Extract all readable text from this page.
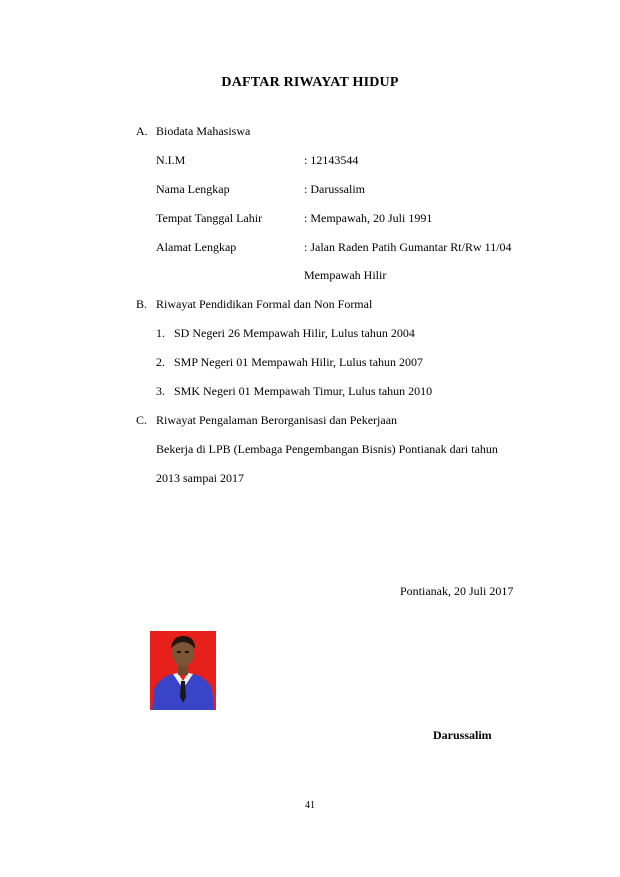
DAFTAR RIWAYAT HIDUP
A. Biodata Mahasiswa
N.I.M	: 12143544
Nama Lengkap	: Darussalim
Tempat Tanggal Lahir	: Mempawah, 20 Juli 1991
Alamat Lengkap	: Jalan Raden Patih Gumantar Rt/Rw 11/04
Mempawah Hilir
B. Riwayat Pendidikan Formal dan Non Formal
1. SD Negeri 26 Mempawah Hilir, Lulus tahun 2004
2. SMP Negeri 01 Mempawah Hilir, Lulus tahun 2007
3. SMK Negeri 01 Mempawah Timur, Lulus tahun 2010
C. Riwayat Pengalaman Berorganisasi dan Pekerjaan
Bekerja di LPB (Lembaga Pengembangan Bisnis) Pontianak dari tahun
2013 sampai 2017
Pontianak, 20 Juli 2017
Darussalim
41
